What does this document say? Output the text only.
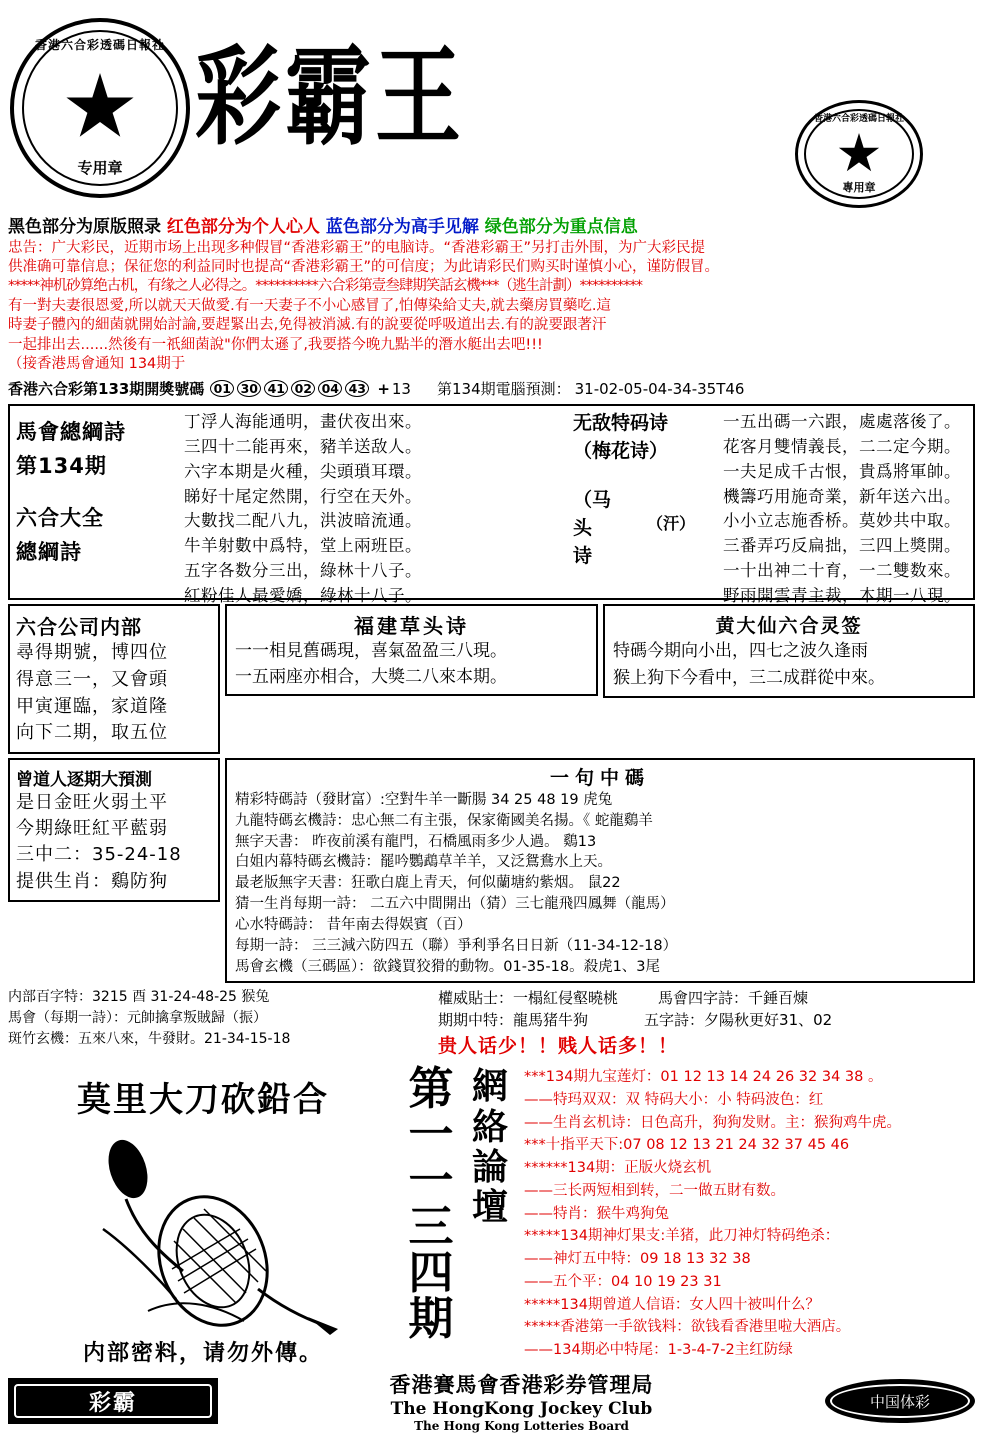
香港六合彩透碼日報社
专用章
彩霸王	香港六合彩透碼日報社
專用章
黑色部分为原版照录 红色部分为个人心人 蓝色部分为高手见解 绿色部分为重点信息
忠告：广大彩民，近期市场上出现多种假冒“香港彩霸王”的电脑诗。“香港彩霸王”另打击外围，为广大彩民提
供准确可靠信息；保征您的利益同时也提高“香港彩霸王”的可信度；为此请彩民们购买时谨慎小心，谨防假冒。
*****神机砂算绝古机，有缘之人必得之。**********六合彩第壹叁肆期笑話玄機***（逃生計劃）**********
有一對夫妻很恩愛,所以就天天做愛.有一天妻子不小心感冒了,怕傳染給丈夫,就去藥房買藥吃.這
時妻子體內的細菌就開始討論,要趕緊出去,免得被消滅.有的說要從呼吸道出去.有的說要跟著汗
一起排出去......然後有一祇細菌說"你們太遜了,我要搭今晚九點半的潛水艇出去吧!!!
（接香港馬會通知 134期于
香港六合彩第133期開獎號碼 01 30 41 02 04 43 + 13 第134期電腦預測： 31-02-05-04-34-35T46
馬會總綱詩
第134期
六合大全
總綱詩
丁浮人海能通明，畫伏夜出來。
三四十二能再來，豬羊送敌人。
六字本期是火種，尖頭瑣耳環。
睇好十尾定然開，行空在天外。
大數找二配八九，洪波暗流通。
牛羊射數中爲特，堂上兩班臣。
五字各数分三出，綠林十八子。
紅粉佳人最愛嬌，綠林十八子。
无敌特码诗
（梅花诗）
（马
头
诗
（汗）
一五出碼一六跟，處處落後了。
花客月雙情義長，二二定今期。
一夫足成千古恨，貴爲將軍帥。
機籌巧用施奇業，新年送六出。
小小立志施香桥。莫妙共中取。
三番弄巧反扁拙，三四上獎開。
一十出神二十育，一二雙数來。
野雨開雲青主裁，本期一八現。
六合公司内部
尋得期號，博四位
得意三一，又會頭
甲寅運臨，家道隆
向下二期，取五位
福建草头诗
一一相見舊碼現，喜氣盈盈三八現。
一五兩座亦相合，大獎二八來本期。
黄大仙六合灵签
特碼今期向小出，四七之波久逢雨
猴上狗下今看中，三二成群從中來。
曾道人逐期大預測
是日金旺火弱土平
今期綠旺紅平藍弱
三中二：35-24-18
提供生肖：鷄防狗
一句中碼
精彩特碼詩（發財富）:空對牛羊一斷腸 34 25 48 19 虎兔
九龍特碼玄機詩：忠心無二有主張，保家衛國美名揚。《 蛇龍鷄羊
無字天書： 昨夜前溪有龍門，石橋風雨多少人過。 鷄13
白姐内幕特碼玄機詩：罷吟鸚鵡草羊羊，又泛鴛鴦水上天。
最老版無字天書：狂歌白鹿上青天，何似蘭塘約紫烟。 鼠22
猜一生肖每期一詩： 二五六中間開出（猜）三七龍飛四鳳舞（龍馬）
心水特碼詩： 昔年南去得娱賓（百）
每期一詩： 三三減六防四五（聯）爭利爭名日日新（11-34-12-18）
馬會玄機（三碼區）：欲錢買狡猾的動物。01-35-18。殺虎1、3尾
内部百字特：3215 酉 31-24-48-25 猴兔
馬會（每期一詩）：元帥擒拿叛賊歸（振）
斑竹玄機：五來八來，牛發財。21-34-15-18
權威貼士： 一榻紅侵壑曉桃	馬會四字詩： 千錘百煉
期期中特： 龍馬猪牛狗	五字詩： 夕陽秋更好31、02
贵人话少！！贱人话多！！
莫里大刀砍鉛合
内部密料，请勿外傳。
第一一三四期
網絡論壇
***134期九宝莲灯：01 12 13 14 24 26 32 34 38 。
——特玛双双：双 特码大小：小 特码波色：红
——生肖玄机诗：日色高升，狗狗发财。主：猴狗鸡牛虎。
***十指平天下:07 08 12 13 21 24 32 37 45 46
******134期：正版火烧玄机
——三长两短相到转，二一做五財有数。
——特肖：猴牛鸡狗兔
*****134期神灯果支:羊猪，此刀神灯特码绝杀：
——神灯五中特：09 18 13 32 38
——五个平：04 10 19 23 31
*****134期曾道人信语：女人四十被叫什么？
*****香港第一手欲钱料：欲钱看香港里啦大酒店。
——134期必中特尾：1-3-4-7-2主红防绿
彩霸
香港賽馬會香港彩券管理局
The HongKong Jockey Club
The Hong Kong Lotteries Board
中国体彩
